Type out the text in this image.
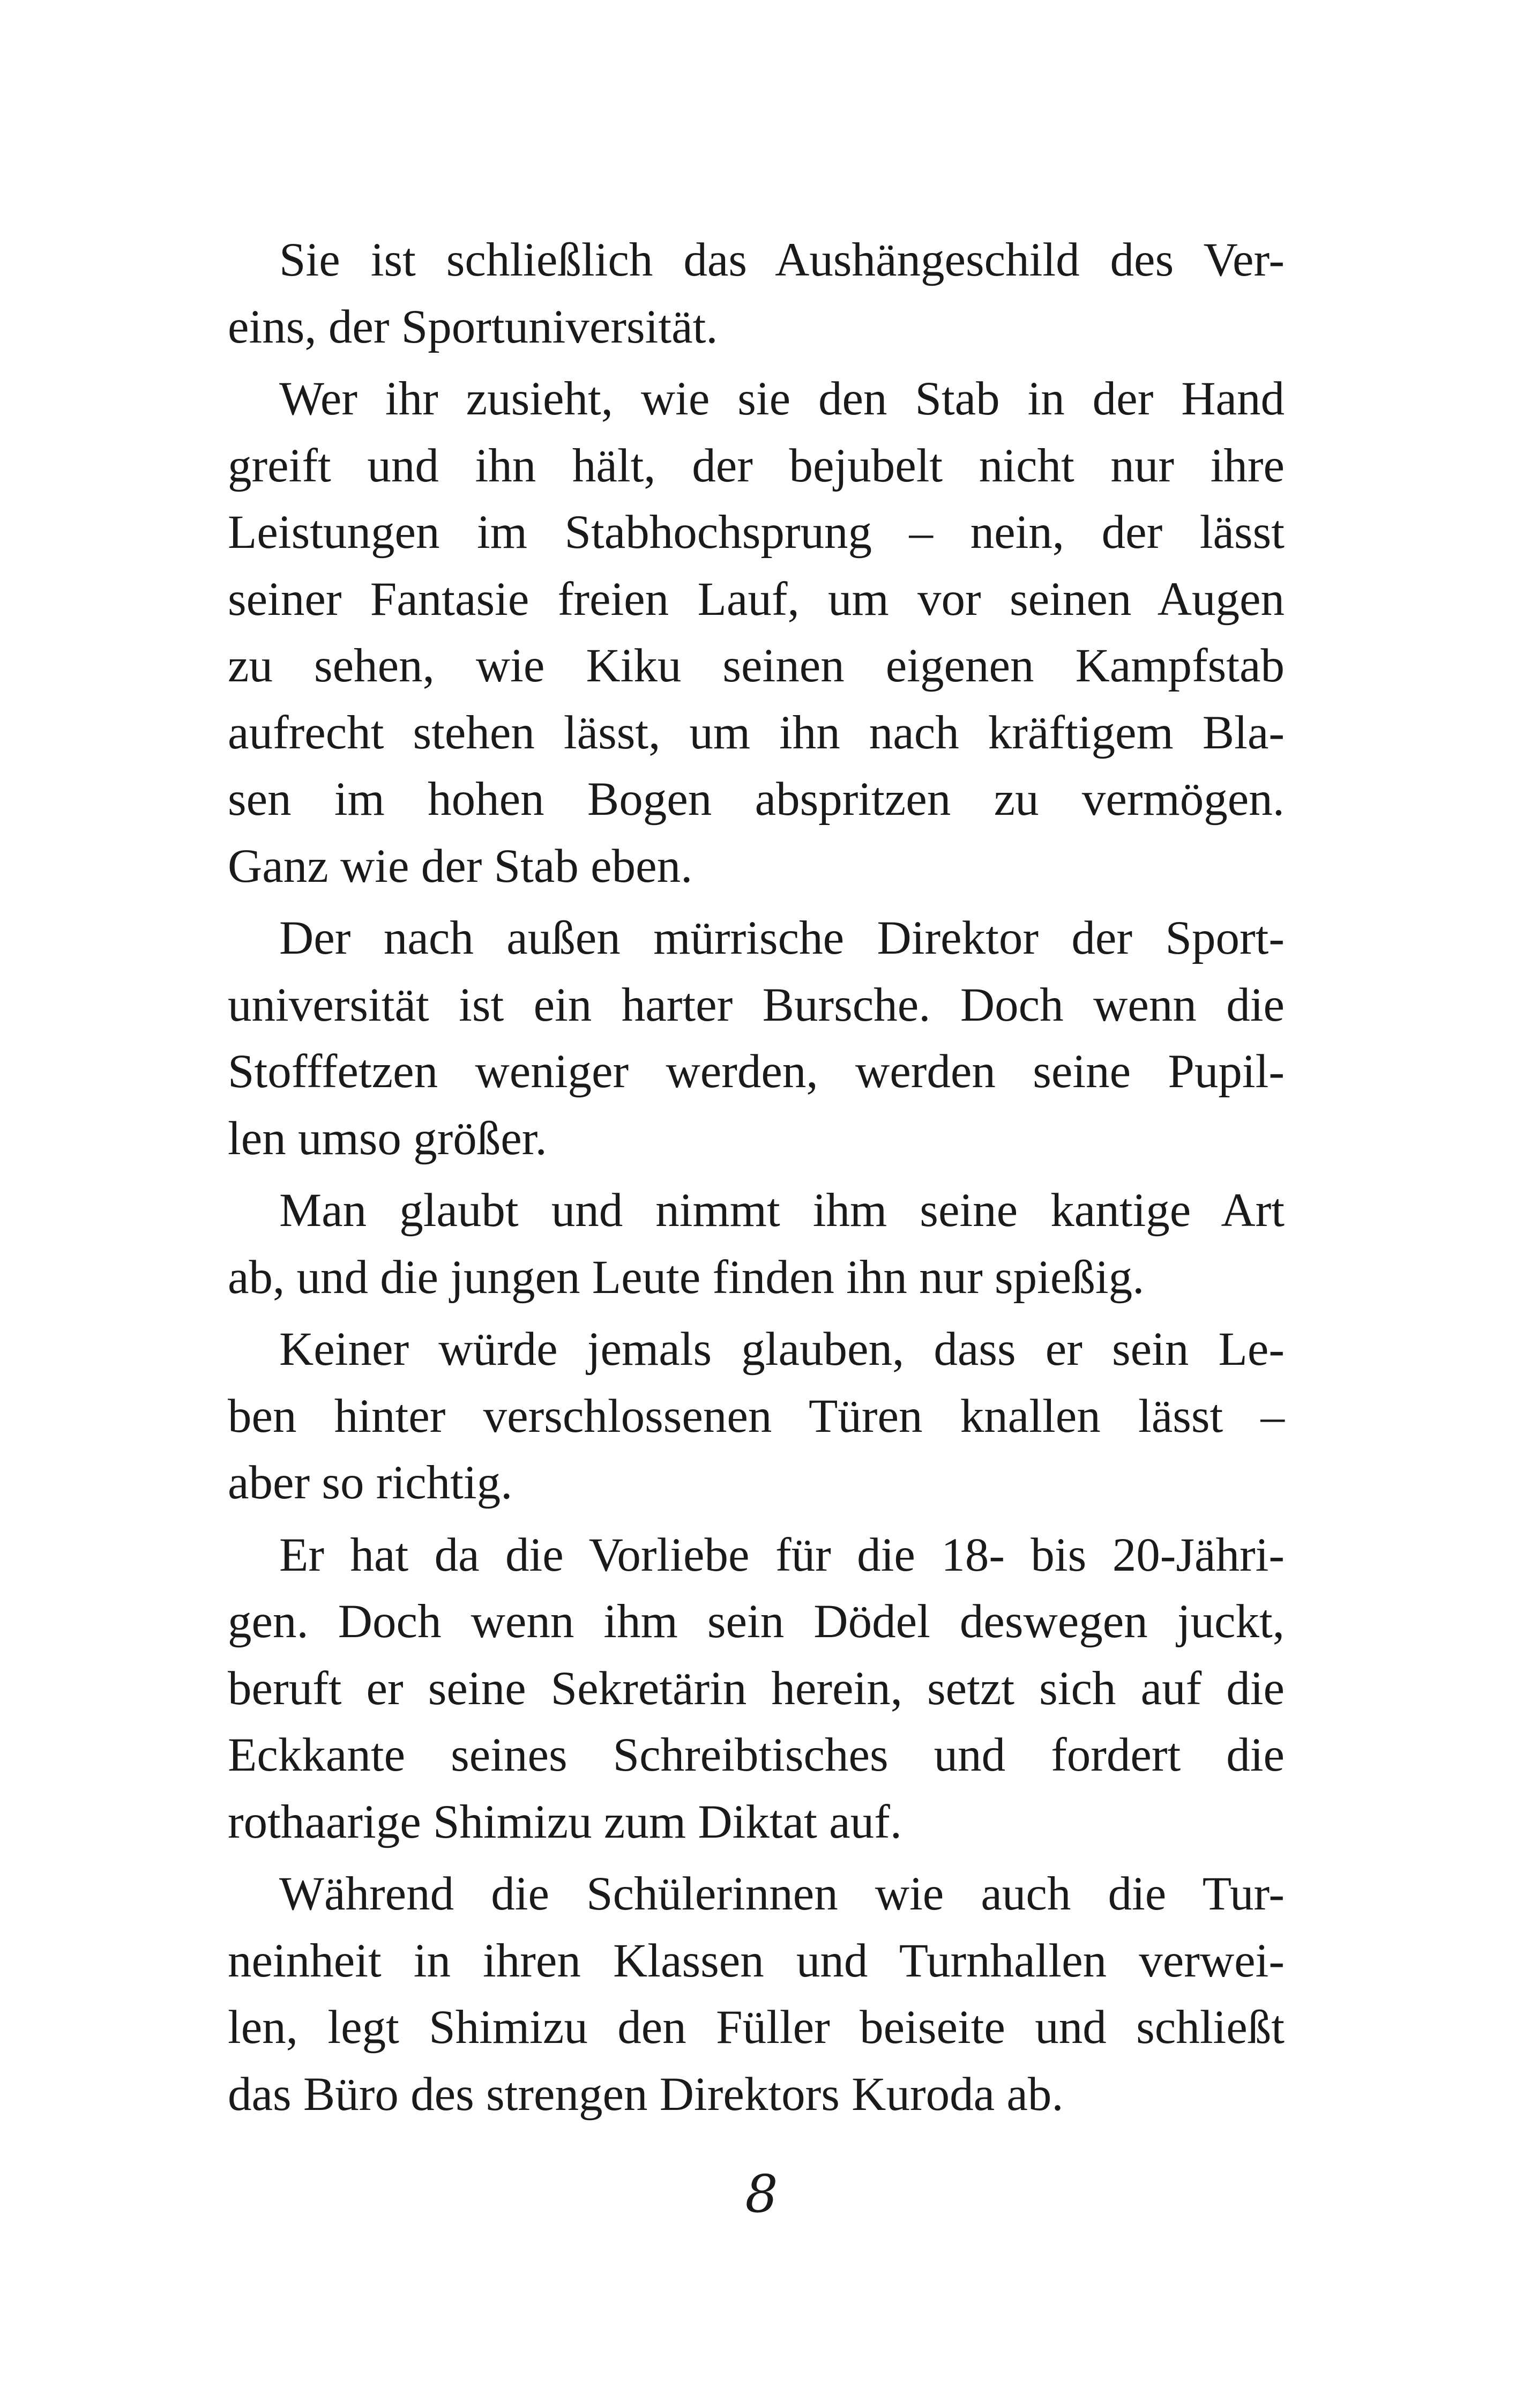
Sie ist schließlich das Aushängeschild des Ver-
eins, der Sportuniversität.
Wer ihr zusieht, wie sie den Stab in der Hand
greift und ihn hält, der bejubelt nicht nur ihre
Leistungen im Stabhochsprung – nein, der lässt
seiner Fantasie freien Lauf, um vor seinen Augen
zu sehen, wie Kiku seinen eigenen Kampfstab
aufrecht stehen lässt, um ihn nach kräftigem Bla-
sen im hohen Bogen abspritzen zu vermögen.
Ganz wie der Stab eben.
Der nach außen mürrische Direktor der Sport-
universität ist ein harter Bursche. Doch wenn die
Stofffetzen weniger werden, werden seine Pupil-
len umso größer.
Man glaubt und nimmt ihm seine kantige Art
ab, und die jungen Leute finden ihn nur spießig.
Keiner würde jemals glauben, dass er sein Le-
ben hinter verschlossenen Türen knallen lässt –
aber so richtig.
Er hat da die Vorliebe für die 18- bis 20-Jähri-
gen. Doch wenn ihm sein Dödel deswegen juckt,
beruft er seine Sekretärin herein, setzt sich auf die
Eckkante seines Schreibtisches und fordert die
rothaarige Shimizu zum Diktat auf.
Während die Schülerinnen wie auch die Tur-
neinheit in ihren Klassen und Turnhallen verwei-
len, legt Shimizu den Füller beiseite und schließt
das Büro des strengen Direktors Kuroda ab.
8
